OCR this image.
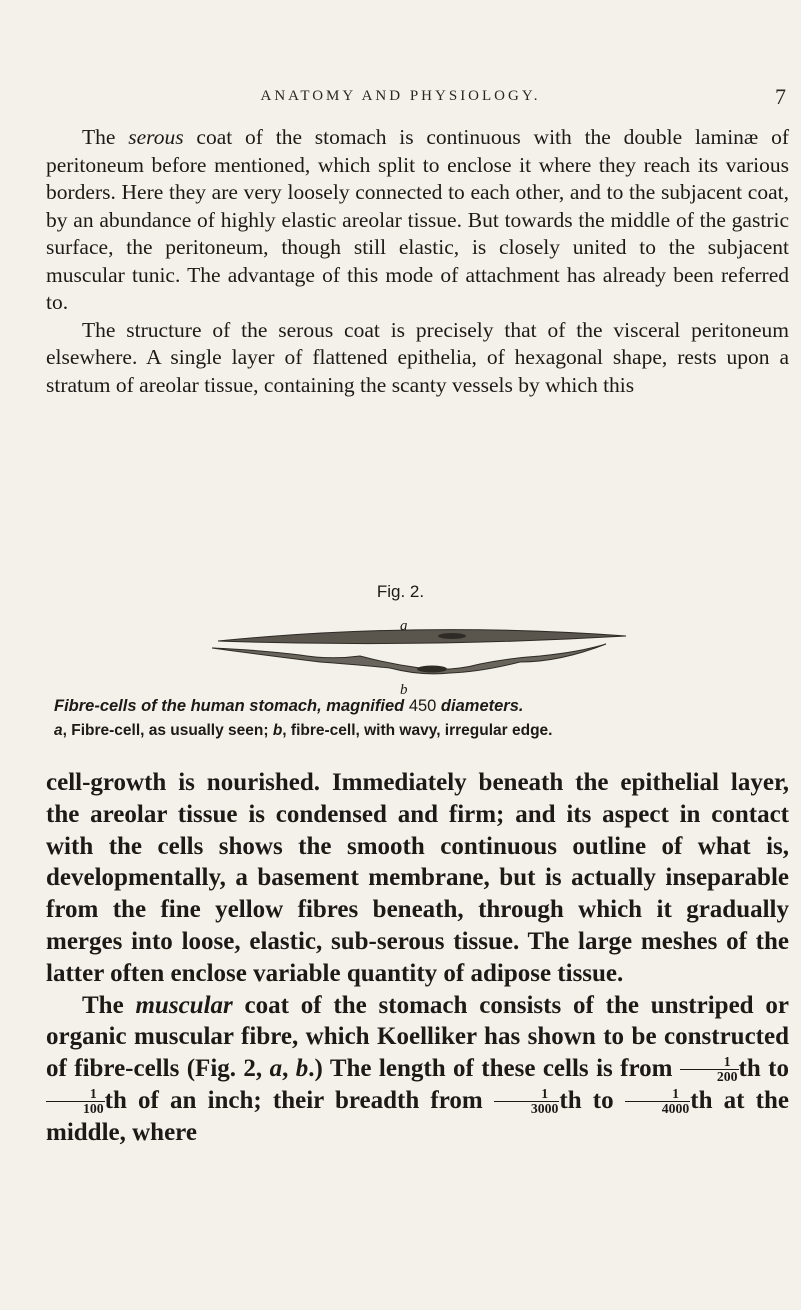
ANATOMY AND PHYSIOLOGY.	7
The serous coat of the stomach is continuous with the double laminæ of peritoneum before mentioned, which split to enclose it where they reach its various borders. Here they are very loosely connected to each other, and to the subjacent coat, by an abundance of highly elastic areolar tissue. But towards the middle of the gastric surface, the peritoneum, though still elastic, is closely united to the subjacent muscular tunic. The advantage of this mode of attachment has already been referred to.
The structure of the serous coat is precisely that of the visceral peritoneum elsewhere. A single layer of flattened epithelia, of hexagonal shape, rests upon a stratum of areolar tissue, containing the scanty vessels by which this
a
b
Fig. 2.
Fibre-cells of the human stomach, magnified 450 diameters.
a, Fibre-cell, as usually seen; b, fibre-cell, with wavy, irregular edge.
cell-growth is nourished. Immediately beneath the epithelial layer, the areolar tissue is condensed and firm; and its aspect in contact with the cells shows the smooth continuous outline of what is, developmentally, a basement membrane, but is actually inseparable from the fine yellow fibres beneath, through which it gradually merges into loose, elastic, sub-serous tissue. The large meshes of the latter often enclose variable quantity of adipose tissue.
The muscular coat of the stomach consists of the unstriped or organic muscular fibre, which Koelliker has shown to be constructed of fibre-cells (Fig. 2, a, b.) The length of these cells is from $\frac{1}{200}$ th to
$\frac{1}{100}$ th of an inch; their breadth from $\frac{1}{3000}$ th to $\frac{1}{4000}$ th at the middle, where
